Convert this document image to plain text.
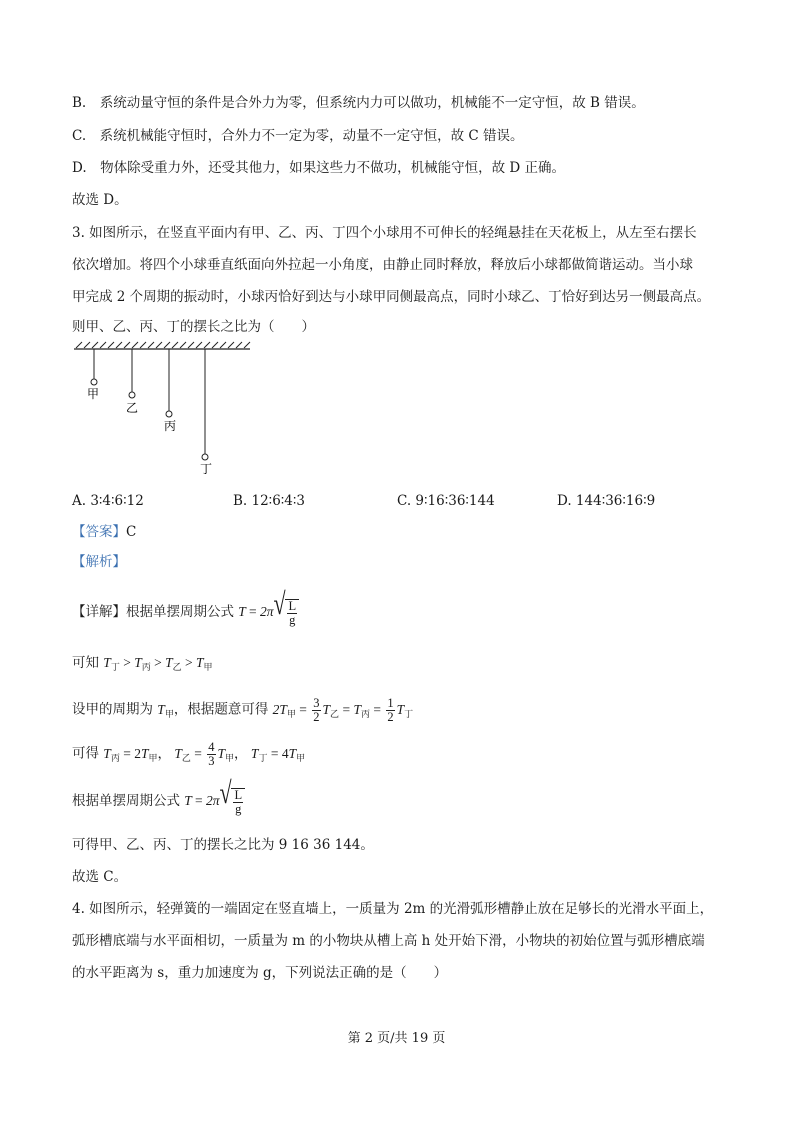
B.　系统动量守恒的条件是合外力为零，但系统内力可以做功，机械能不一定守恒，故 B 错误。
C.　系统机械能守恒时，合外力不一定为零，动量不一定守恒，故 C 错误。
D.　物体除受重力外，还受其他力，如果这些力不做功，机械能守恒，故 D 正确。
故选 D。
3. 如图所示，在竖直平面内有甲、乙、丙、丁四个小球用不可伸长的轻绳悬挂在天花板上，从左至右摆长
依次增加。将四个小球垂直纸面向外拉起一小角度，由静止同时释放，释放后小球都做简谐运动。当小球
甲完成 2 个周期的振动时，小球丙恰好到达与小球甲同侧最高点，同时小球乙、丁恰好到达另一侧最高点。
则甲、乙、丙、丁的摆长之比为（　　）
甲
乙
丙
丁
A. 3∶4∶6∶12	B. 12∶6∶4∶3	C. 9∶16∶36∶144	D. 144∶36∶16∶9
【答案】C
【解析】
【详解】根据单摆周期公式 T = 2π √ $\frac{L}{g}$
可知 $T_丁 > T_丙 > T_乙 > T_甲$
设甲的周期为 $T_甲$，根据题意可得 $2T_甲 = \frac{3}{2} T_乙 = T_丙 = \frac{1}{2} T_丁$
可得 $T_丙 = 2T_甲$， $T_乙 = \frac{4}{3} T_甲$， $T_丁 = 4T_甲$
根据单摆周期公式 T = 2π √ $\frac{L}{g}$
可得甲、乙、丙、丁的摆长之比为 9 16 36 144。
故选 C。
4. 如图所示，轻弹簧的一端固定在竖直墙上，一质量为 2m 的光滑弧形槽静止放在足够长的光滑水平面上，
弧形槽底端与水平面相切，一质量为 m 的小物块从槽上高 h 处开始下滑，小物块的初始位置与弧形槽底端
的水平距离为 s，重力加速度为 g，下列说法正确的是（　　）
第 2 页/共 19 页
